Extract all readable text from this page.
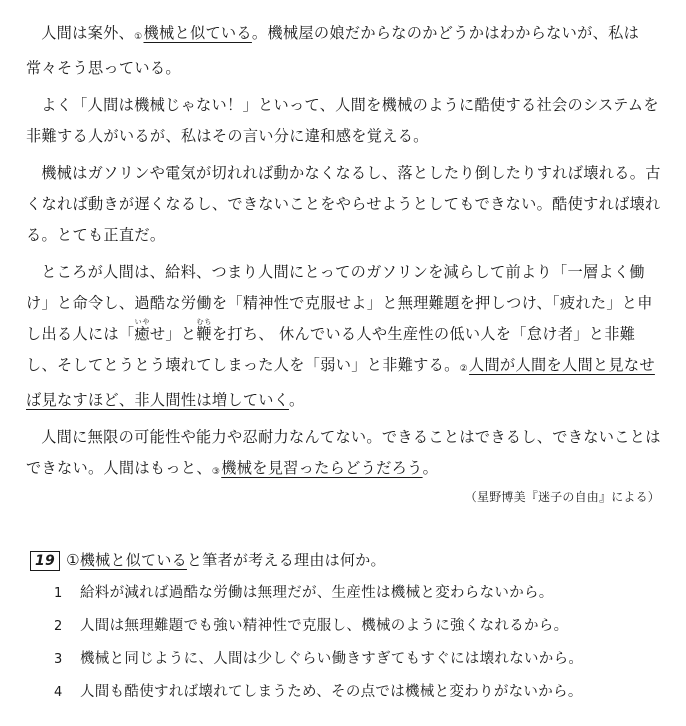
人間は案外、①機械と似ている。機械屋の娘だからなのかどうかはわからないが、私は常々そう思っている。

よく「人間は機械じゃない！」といって、人間を機械のように酷使する社会のシステムを非難する人がいるが、私はその言い分に違和感を覚える。

機械はガソリンや電気が切れれば動かなくなるし、落としたり倒したりすれば壊れる。古くなれば動きが遅くなるし、できないことをやらせようとしてもできない。酷使すれば壊れる。とても正直だ。

ところが人間は、給料、つまり人間にとってのガソリンを減らして前より「一層よく働け」と命令し、過酷な労働を「精神性で克服せよ」と無理難題を押しつけ、「疲れた」と申し出る人には「癒いやせ」と鞭むちを打ち、 休んでいる人や生産性の低い人を「怠け者」と非難し、そしてとうとう壊れてしまった人を「弱い」と非難する。②人間が人間を人間と見なせば見なすほど、非人間性は増していく。

人間に無限の可能性や能力や忍耐力なんてない。できることはできるし、できないことはできない。人間はもっと、③機械を見習ったらどうだろう。

（星野博美『迷子の自由』による）

19 ①機械と似ていると筆者が考える理由は何か。

1 給料が減れば過酷な労働は無理だが、生産性は機械と変わらないから。

2 人間は無理難題でも強い精神性で克服し、機械のように強くなれるから。

3 機械と同じように、人間は少しぐらい働きすぎてもすぐには壊れないから。

4 人間も酷使すれば壊れてしまうため、その点では機械と変わりがないから。
